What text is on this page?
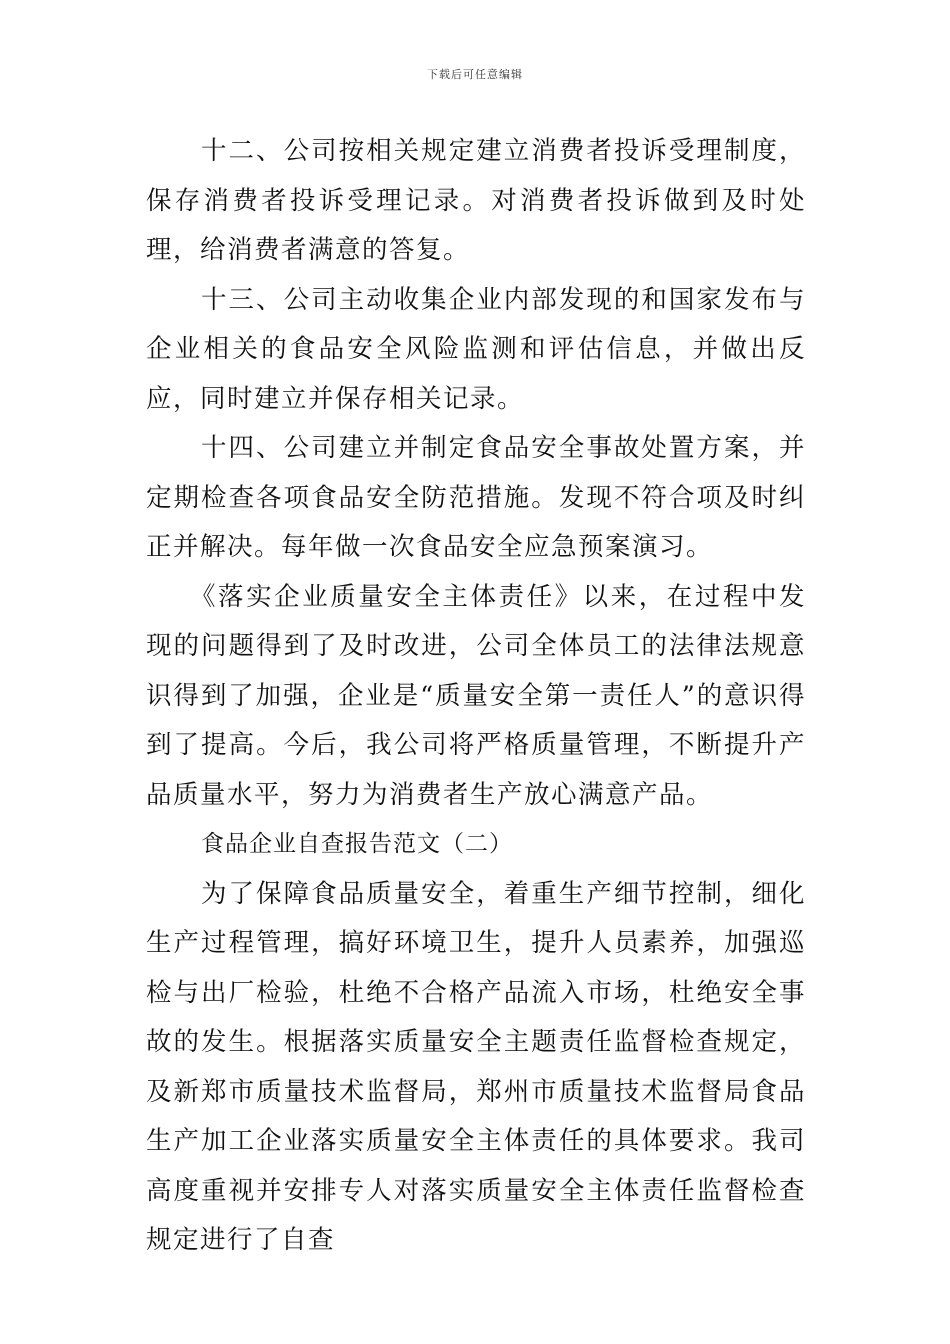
下载后可任意编辑

十二、公司按相关规定建立消费者投诉受理制度，保存消费者投诉受理记录。对消费者投诉做到及时处理，给消费者满意的答复。

十三、公司主动收集企业内部发现的和国家发布与企业相关的食品安全风险监测和评估信息，并做出反应，同时建立并保存相关记录。

十四、公司建立并制定食品安全事故处置方案，并定期检查各项食品安全防范措施。发现不符合项及时纠正并解决。每年做一次食品安全应急预案演习。

《落实企业质量安全主体责任》以来，在过程中发现的问题得到了及时改进，公司全体员工的法律法规意识得到了加强，企业是“质量安全第一责任人”的意识得到了提高。今后，我公司将严格质量管理，不断提升产品质量水平，努力为消费者生产放心满意产品。

食品企业自查报告范文（二）

为了保障食品质量安全，着重生产细节控制，细化生产过程管理，搞好环境卫生，提升人员素养，加强巡检与出厂检验，杜绝不合格产品流入市场，杜绝安全事故的发生。根据落实质量安全主题责任监督检查规定，及新郑市质量技术监督局，郑州市质量技术监督局食品生产加工企业落实质量安全主体责任的具体要求。我司高度重视并安排专人对落实质量安全主体责任监督检查规定进行了自查
